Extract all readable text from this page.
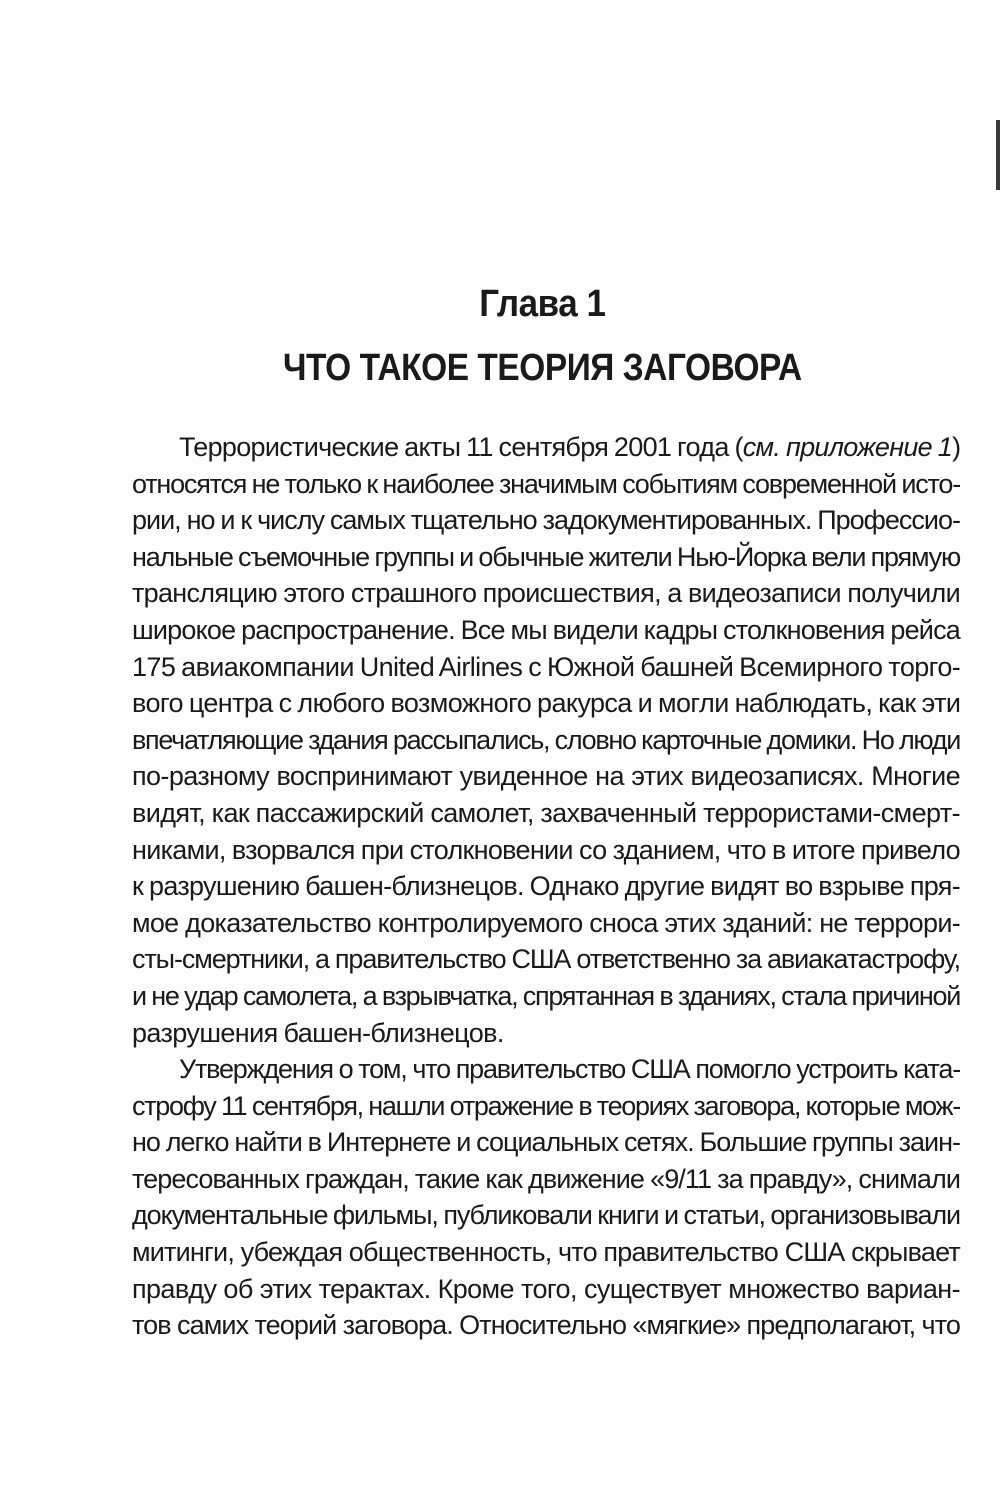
Глава 1
ЧТО ТАКОЕ ТЕОРИЯ ЗАГОВОРА
Террористические акты 11 сентября 2001 года (см. приложение 1)
относятся не только к наиболее значимым событиям современной исто-
рии, но и к числу самых тщательно задокументированных. Профессио-
нальные съемочные группы и обычные жители Нью-Йорка вели прямую
трансляцию этого страшного происшествия, а видеозаписи получили
широкое распространение. Все мы видели кадры столкновения рейса
175 авиакомпании United Airlines с Южной башней Всемирного торго-
вого центра с любого возможного ракурса и могли наблюдать, как эти
впечатляющие здания рассыпались, словно карточные домики. Но люди
по-разному воспринимают увиденное на этих видеозаписях. Многие
видят, как пассажирский самолет, захваченный террористами-смерт-
никами, взорвался при столкновении со зданием, что в итоге привело
к разрушению башен-близнецов. Однако другие видят во взрыве пря-
мое доказательство контролируемого сноса этих зданий: не террори-
сты-смертники, а правительство США ответственно за авиакатастрофу,
и не удар самолета, а взрывчатка, спрятанная в зданиях, стала причиной
разрушения башен-близнецов.
Утверждения о том, что правительство США помогло устроить ката-
строфу 11 сентября, нашли отражение в теориях заговора, которые мож-
но легко найти в Интернете и социальных сетях. Большие группы заин-
тересованных граждан, такие как движение «9/11 за правду», снимали
документальные фильмы, публиковали книги и статьи, организовывали
митинги, убеждая общественность, что правительство США скрывает
правду об этих терактах. Кроме того, существует множество вариан-
тов самих теорий заговора. Относительно «мягкие» предполагают, что
